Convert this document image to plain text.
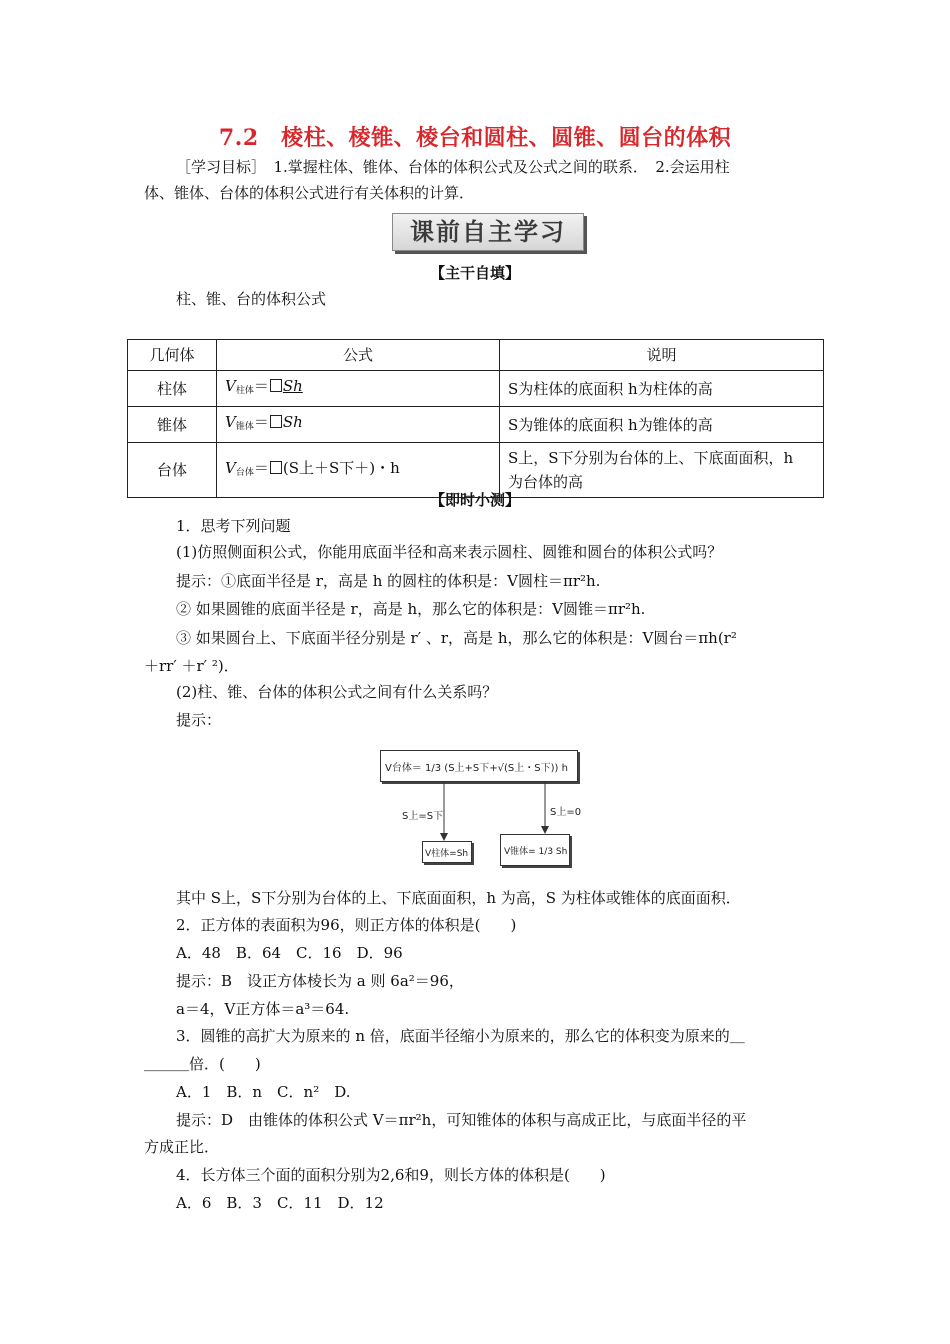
7.2　棱柱、棱锥、棱台和圆柱、圆锥、圆台的体积
［学习目标］　1.掌握柱体、锥体、台体的体积公式及公式之间的联系．　2.会运用柱
体、锥体、台体的体积公式进行有关体积的计算．
课前自主学习
【主干自填】
柱、锥、台的体积公式
几何体	公式	说明
柱体	$V_{柱体}= Sh$	S为柱体的底面积 h为柱体的高
锥体	$V_{锥体}= Sh$	S为锥体的底面积 h为锥体的高
台体	$V_{台体}= (S$上＋S下＋)・h	S上，S下分别为台体的上、下底面面积，h
为台体的高
【即时小测】
1．思考下列问题
(1)仿照侧面积公式，你能用底面半径和高来表示圆柱、圆锥和圆台的体积公式吗？
提示：①底面半径是 r，高是 h 的圆柱的体积是：V圆柱＝πr²h.
② 如果圆锥的底面半径是 r，高是 h，那么它的体积是：V圆锥＝πr²h.
③ 如果圆台上、下底面半径分别是 r′ 、r，高是 h，那么它的体积是：V圆台＝πh(r²
＋rr′ ＋r′ ²)．
(2)柱、锥、台体的体积公式之间有什么关系吗？
提示：
V台体＝ 1/3 (S上+S下+√(S上・S下)) h
S上=S下	S上=0
V柱体=Sh	V锥体= 1/3 Sh
其中 S上，S下分别为台体的上、下底面面积，h 为高，S 为柱体或锥体的底面面积．
2．正方体的表面积为96，则正方体的体积是(　　)
A．48　B．64　C．16　D．96
提示：B　设正方体棱长为 a 则 6a²＝96，
a＝4，V正方体＝a³＝64.
3．圆锥的高扩大为原来的 n 倍，底面半径缩小为原来的，那么它的体积变为原来的＿
＿＿＿倍．(　　)
A．1　B．n　C．n²　D.
提示：D　由锥体的体积公式 V＝πr²h，可知锥体的体积与高成正比，与底面半径的平
方成正比．
4．长方体三个面的面积分别为2,6和9，则长方体的体积是(　　)
A．6　B．3　C．11　D．12
